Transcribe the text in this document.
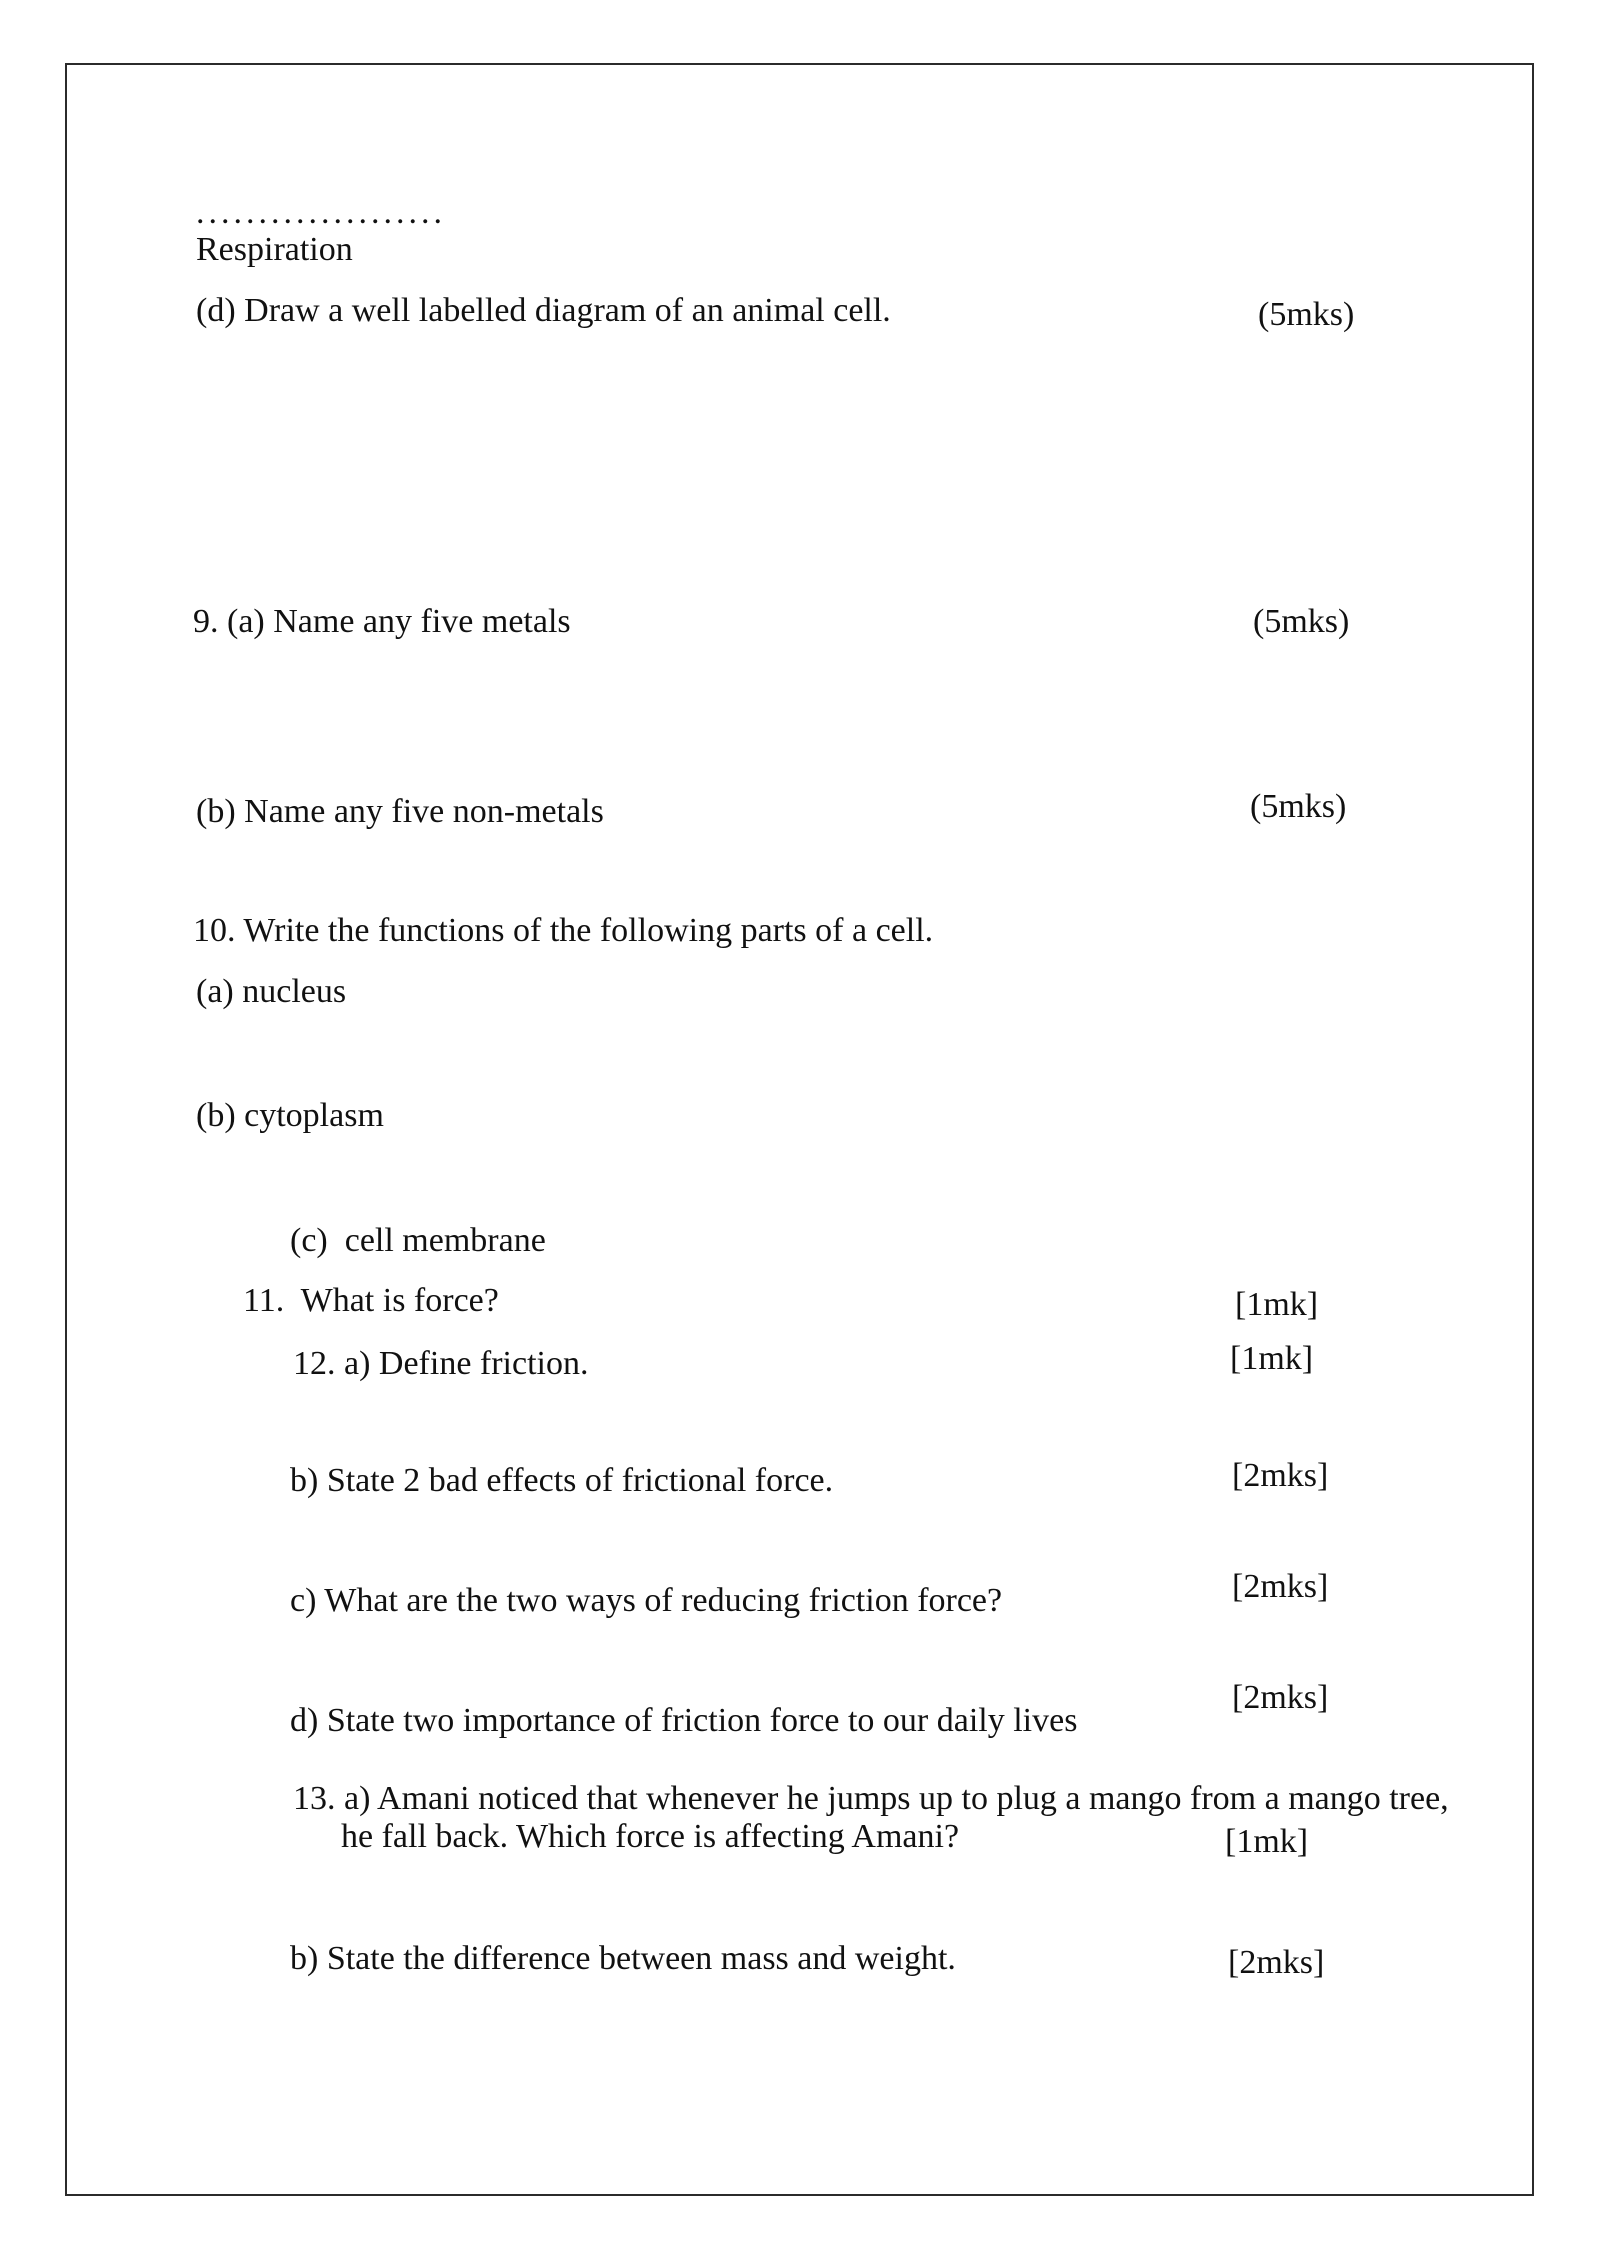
....................
Respiration
(d) Draw a well labelled diagram of an animal cell.	(5mks)
9. (a) Name any five metals	(5mks)
(b) Name any five non-metals	(5mks)
10. Write the functions of the following parts of a cell.
(a) nucleus
(b) cytoplasm
(c)  cell membrane
11.  What is force?	[1mk]
12. a) Define friction.	[1mk]
b) State 2 bad effects of frictional force.	[2mks]
c) What are the two ways of reducing friction force?	[2mks]
d) State two importance of friction force to our daily lives
[2mks]
13. a) Amani noticed that whenever he jumps up to plug a mango from a mango tree,
he fall back. Which force is affecting Amani?	[1mk]
b) State the difference between mass and weight.	[2mks]
